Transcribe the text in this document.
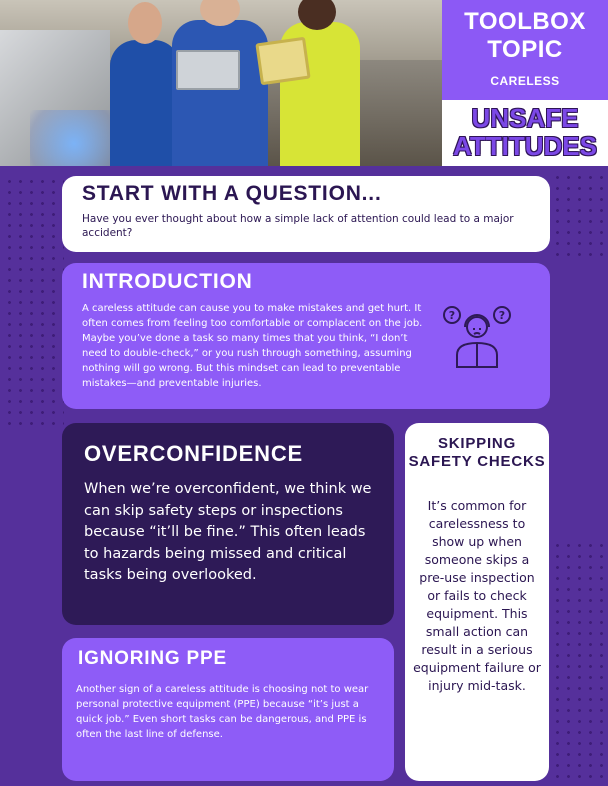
TOOLBOX
TOPIC
CARELESS
UNSAFE
ATTITUDES
START WITH A QUESTION...

Have you ever thought about how a simple lack of attention could lead to a major accident?

INTRODUCTION

A careless attitude can cause you to make mistakes and get hurt. It often comes from feeling too comfortable or complacent on the job. Maybe you’ve done a task so many times that you think, “I don’t need to double-check,” or you rush through something, assuming nothing will go wrong. But this mindset can lead to preventable mistakes—and preventable injuries.

?	?
OVERCONFIDENCE

When we’re overconfident, we think we can skip safety steps or inspections because “it’ll be fine.” This often leads to hazards being missed and critical tasks being overlooked.

SKIPPING SAFETY CHECKS

It’s common for carelessness to show up when someone skips a pre-use inspection or fails to check equipment. This small action can result in a serious equipment failure or injury mid-task.

IGNORING PPE

Another sign of a careless attitude is choosing not to wear personal protective equipment (PPE) because “it’s just a quick job.” Even short tasks can be dangerous, and PPE is often the last line of defense.
